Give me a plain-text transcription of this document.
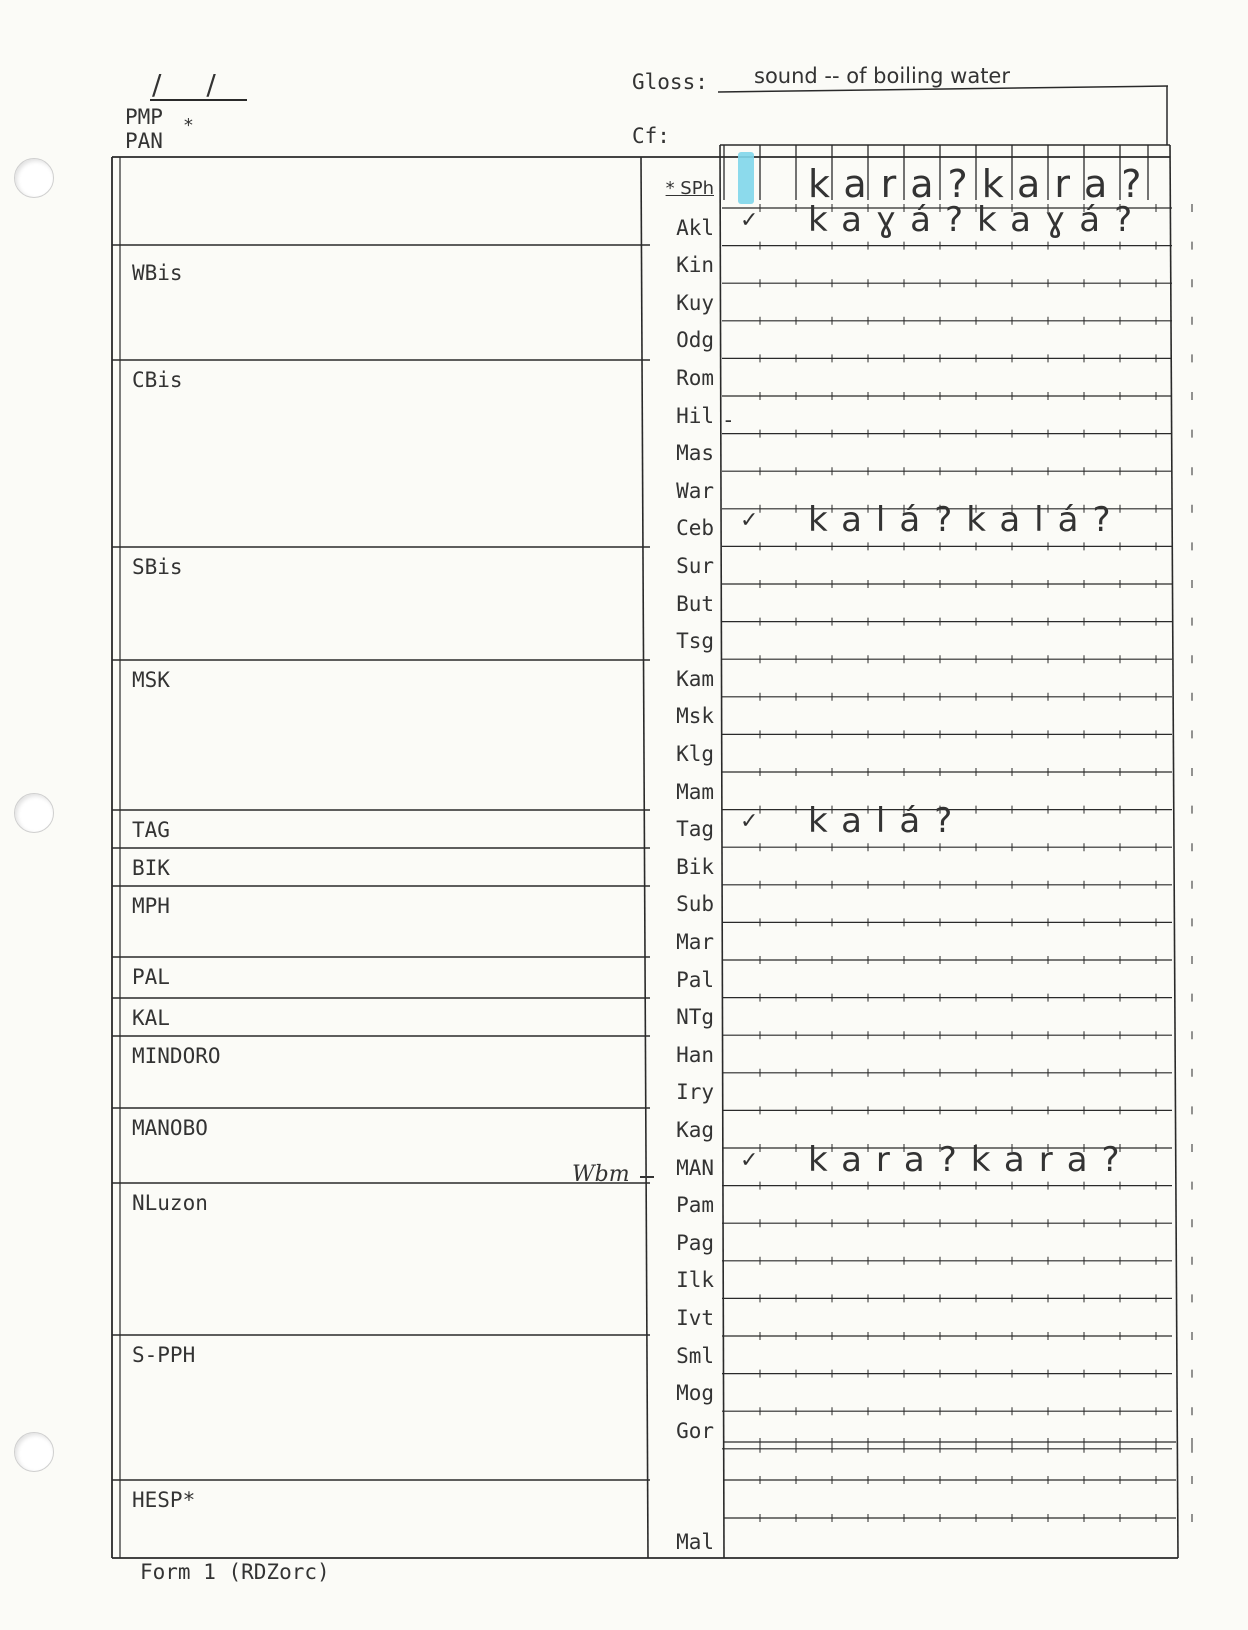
/ /
PMP
PAN
*
Gloss: sound -- of boiling water
Cf:
WBis
CBis
SBis
MSK
TAG
BIK
MPH
PAL
KAL
MINDORO
MANOBO
NLuzon
S-PPH
HESP*
* SPh
Akl
Kin
Kuy
Odg
Rom
Hil
Mas
War
Ceb
Sur
But
Tsg
Kam
Msk
Klg
Mam
Tag
Bik
Sub
Mar
Pal
NTg
Han
Iry
Kag
MAN
Pam
Pag
Ilk
Ivt
Sml
Mog
Gor
Mal
kara?kara?
✓ kaɣá?kaɣá?
✓ kalá?kalá?
✓ kalá?
✓ kara?kara?
Wbm
-
Form 1 (RDZorc)
